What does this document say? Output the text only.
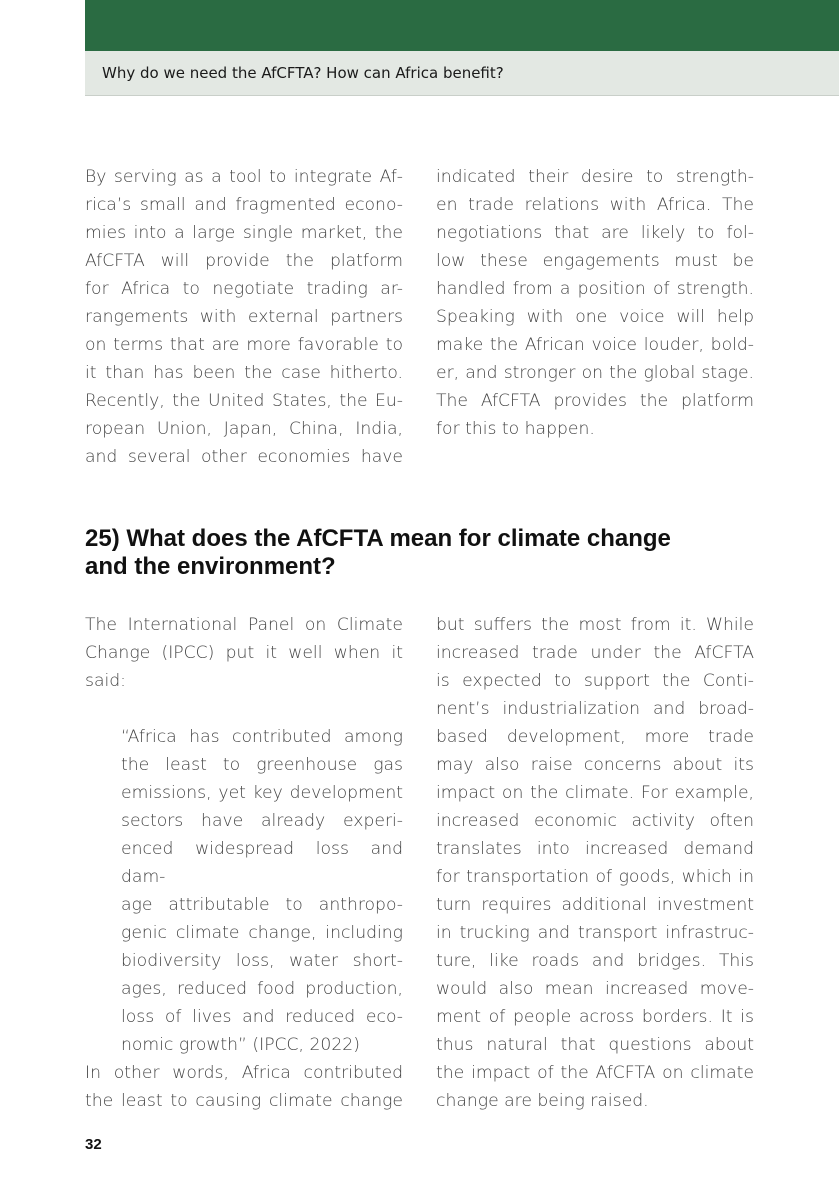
Why do we need the AfCFTA? How can Africa benefit?

By serving as a tool to integrate Af-
rica’s small and fragmented econo-
mies into a large single market, the
AfCFTA will provide the platform
for Africa to negotiate trading ar-
rangements with external partners
on terms that are more favorable to
it than has been the case hitherto.
Recently, the United States, the Eu-
ropean Union, Japan, China, India,
and several other economies have

indicated their desire to strength-
en trade relations with Africa. The
negotiations that are likely to fol-
low these engagements must be
handled from a position of strength.
Speaking with one voice will help
make the African voice louder, bold-
er, and stronger on the global stage.
The AfCFTA provides the platform
for this to happen.

25) What does the AfCFTA mean for climate change
and the environment?

The International Panel on Climate
Change (IPCC) put it well when it
said:

“Africa has contributed among
the least to greenhouse gas
emissions, yet key development
sectors have already experi-
enced widespread loss and dam-
age attributable to anthropo-
genic climate change, including
biodiversity loss, water short-
ages, reduced food production,
loss of lives and reduced eco-
nomic growth” (IPCC, 2022)

In other words, Africa contributed
the least to causing climate change

but suffers the most from it. While
increased trade under the AfCFTA
is expected to support the Conti-
nent’s industrialization and broad-
based development, more trade
may also raise concerns about its
impact on the climate. For example,
increased economic activity often
translates into increased demand
for transportation of goods, which in
turn requires additional investment
in trucking and transport infrastruc-
ture, like roads and bridges. This
would also mean increased move-
ment of people across borders. It is
thus natural that questions about
the impact of the AfCFTA on climate
change are being raised.

32
